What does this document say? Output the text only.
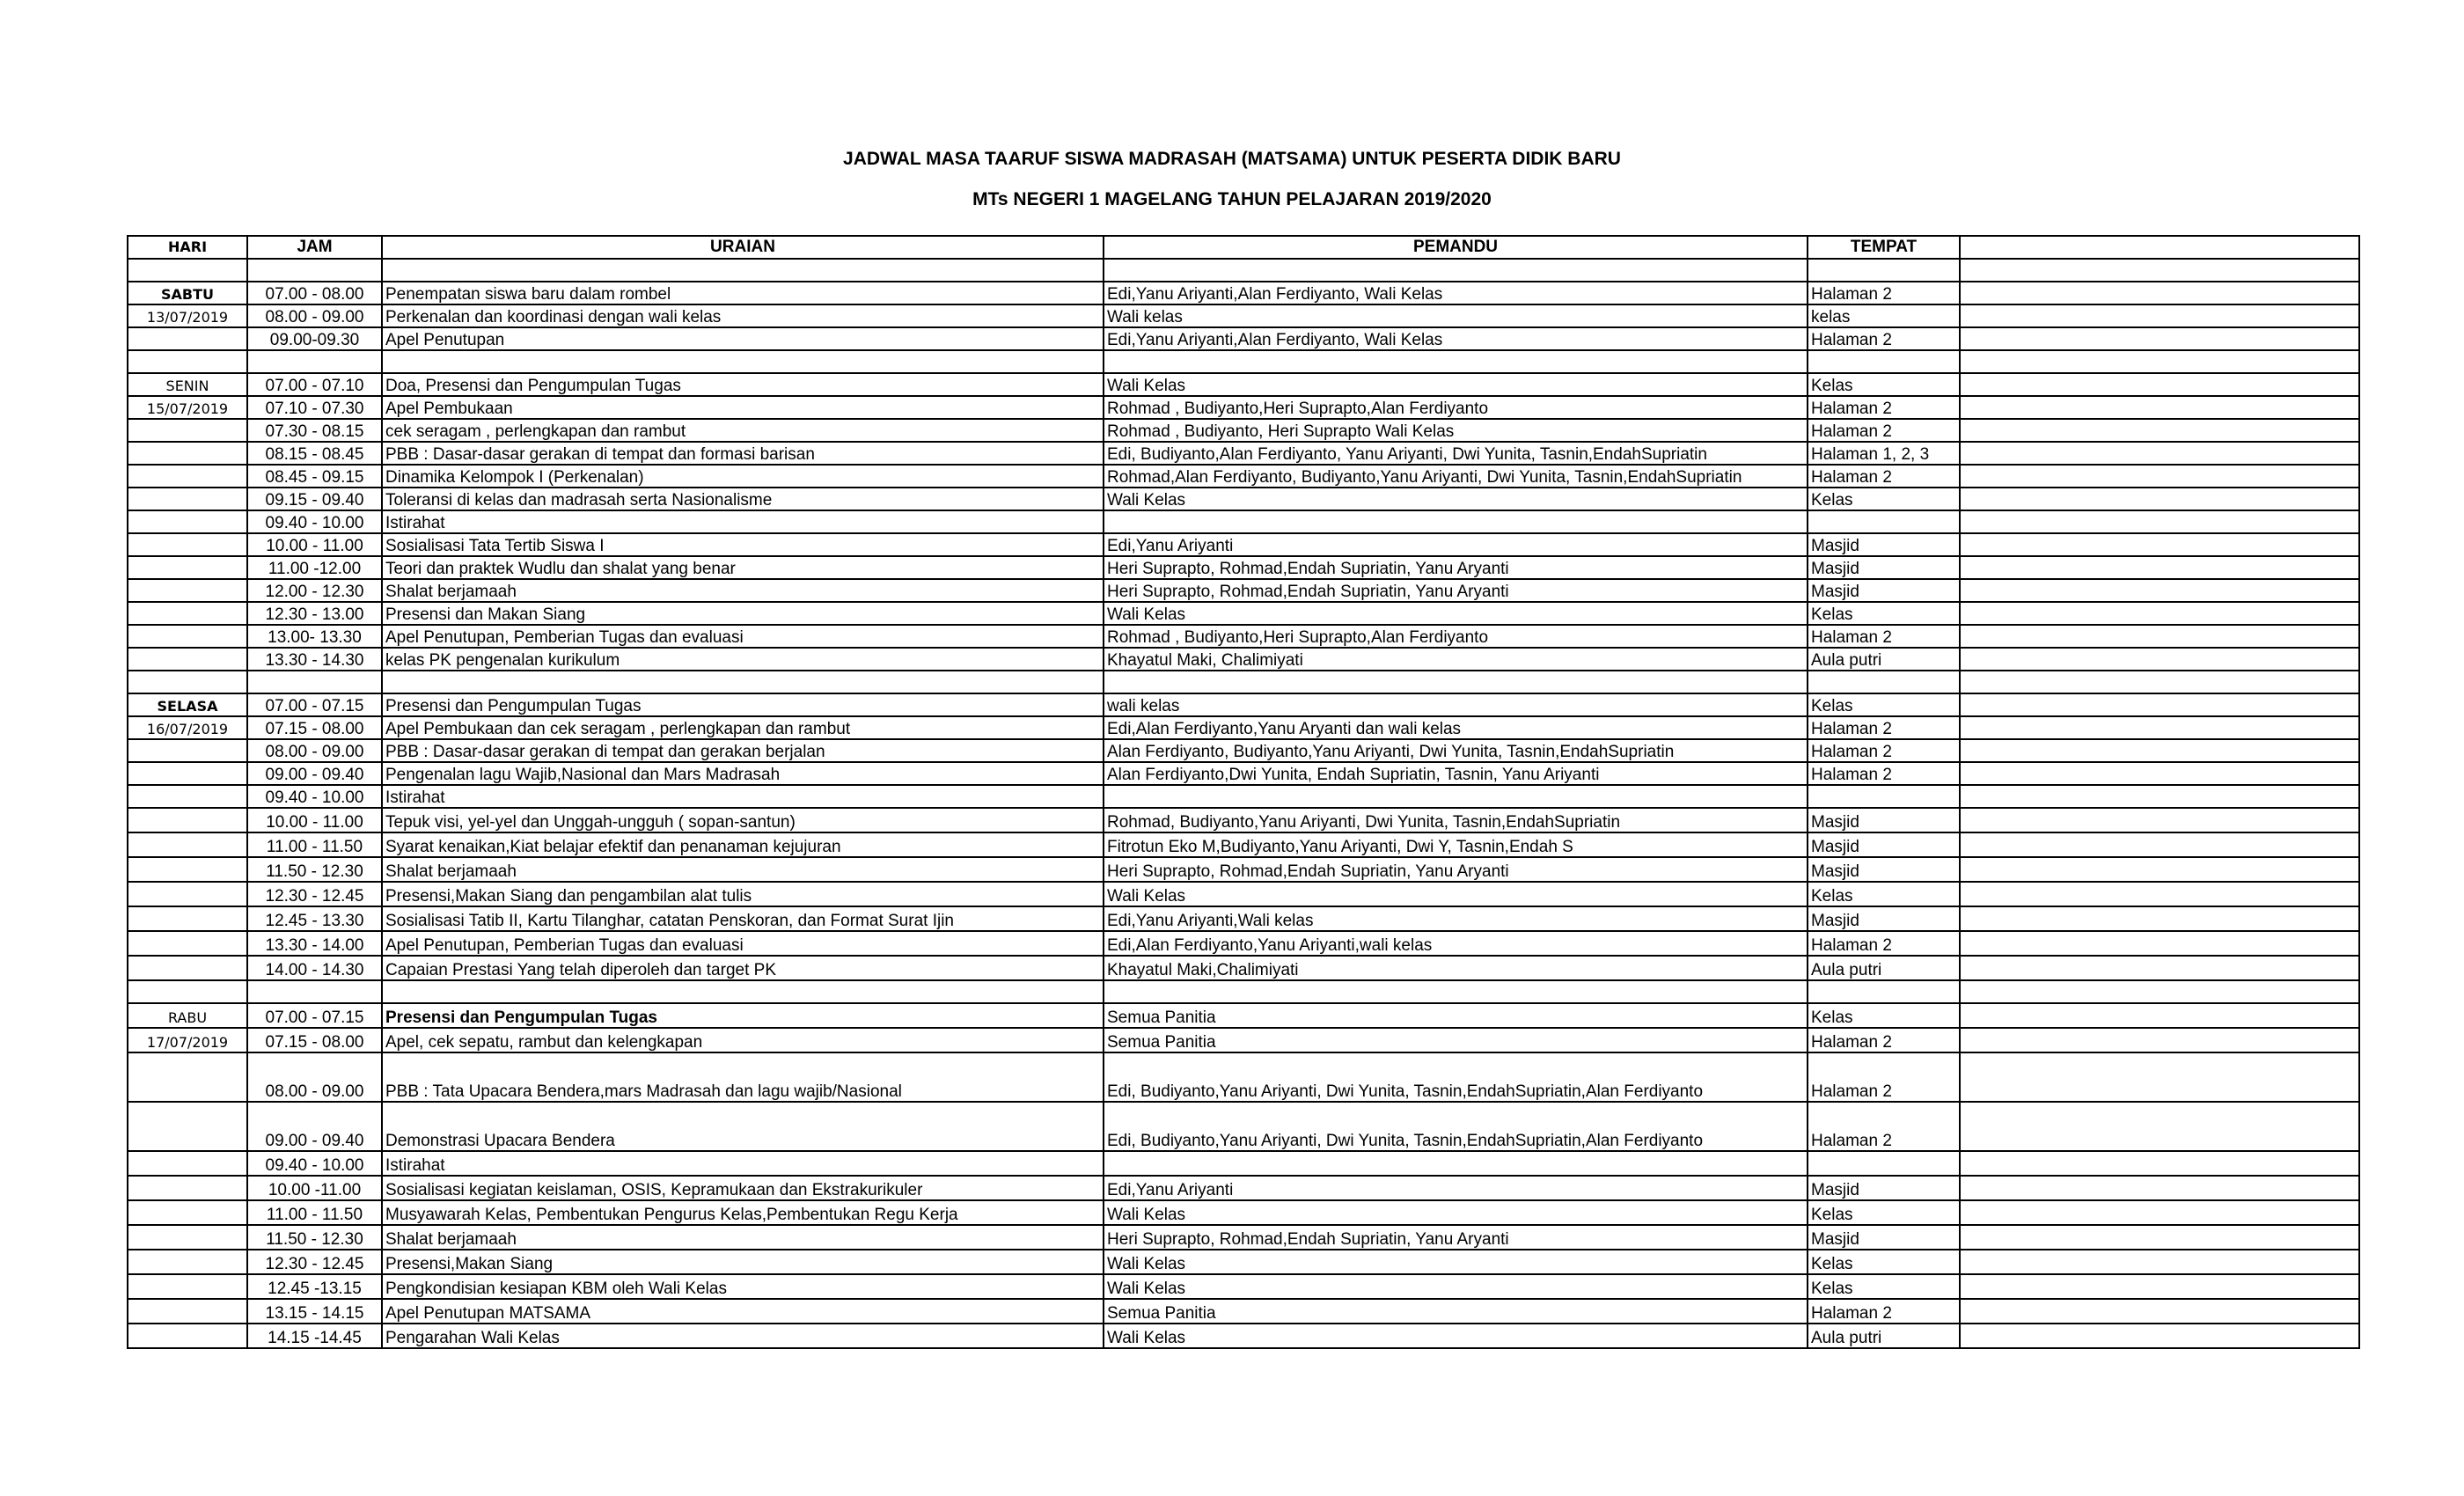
JADWAL MASA TAARUF SISWA MADRASAH (MATSAMA) UNTUK PESERTA DIDIK BARU
MTs NEGERI 1 MAGELANG TAHUN PELAJARAN 2019/2020
HARI	JAM	URAIAN	PEMANDU	TEMPAT	

SABTU	07.00 - 08.00	Penempatan siswa baru dalam rombel	Edi,Yanu Ariyanti,Alan Ferdiyanto, Wali Kelas	Halaman 2	
13/07/2019	08.00 - 09.00	Perkenalan dan koordinasi dengan wali kelas	Wali kelas	kelas	
	09.00-09.30	Apel Penutupan	Edi,Yanu Ariyanti,Alan Ferdiyanto, Wali Kelas	Halaman 2	

SENIN	07.00 - 07.10	Doa, Presensi dan Pengumpulan Tugas	Wali Kelas	Kelas	
15/07/2019	07.10 - 07.30	Apel Pembukaan	Rohmad , Budiyanto,Heri Suprapto,Alan Ferdiyanto	Halaman 2	
	07.30 - 08.15	cek seragam , perlengkapan dan rambut	Rohmad , Budiyanto, Heri Suprapto Wali Kelas	Halaman 2	
	08.15 - 08.45	PBB : Dasar-dasar gerakan di tempat dan formasi barisan	Edi, Budiyanto,Alan Ferdiyanto, Yanu Ariyanti, Dwi Yunita, Tasnin,EndahSupriatin	Halaman 1, 2, 3	
	08.45 - 09.15	Dinamika Kelompok I (Perkenalan)	Rohmad,Alan Ferdiyanto, Budiyanto,Yanu Ariyanti, Dwi Yunita, Tasnin,EndahSupriatin	Halaman 2	
	09.15 - 09.40	Toleransi di kelas dan madrasah serta Nasionalisme	Wali Kelas	Kelas	
	09.40 - 10.00	Istirahat			
	10.00 - 11.00	Sosialisasi Tata Tertib Siswa I	Edi,Yanu Ariyanti	Masjid	
	11.00 -12.00	Teori dan praktek Wudlu dan shalat yang benar	Heri Suprapto, Rohmad,Endah Supriatin, Yanu Aryanti	Masjid	
	12.00 - 12.30	Shalat berjamaah	Heri Suprapto, Rohmad,Endah Supriatin, Yanu Aryanti	Masjid	
	12.30 - 13.00	Presensi dan Makan Siang	Wali Kelas	Kelas	
	13.00- 13.30	Apel Penutupan, Pemberian Tugas dan evaluasi	Rohmad , Budiyanto,Heri Suprapto,Alan Ferdiyanto	Halaman 2	
	13.30 - 14.30	kelas PK pengenalan kurikulum	Khayatul Maki, Chalimiyati	Aula putri	

SELASA	07.00 - 07.15	Presensi dan Pengumpulan Tugas	wali kelas	Kelas	
16/07/2019	07.15 - 08.00	Apel Pembukaan dan cek seragam , perlengkapan dan rambut	Edi,Alan Ferdiyanto,Yanu Aryanti dan wali kelas	Halaman 2	
	08.00 - 09.00	PBB : Dasar-dasar gerakan di tempat dan gerakan berjalan	Alan Ferdiyanto, Budiyanto,Yanu Ariyanti, Dwi Yunita, Tasnin,EndahSupriatin	Halaman 2	
	09.00 - 09.40	Pengenalan lagu Wajib,Nasional dan Mars Madrasah	Alan Ferdiyanto,Dwi Yunita, Endah Supriatin, Tasnin, Yanu Ariyanti	Halaman 2	
	09.40 - 10.00	Istirahat			
	10.00 - 11.00	Tepuk visi, yel-yel dan Unggah-ungguh ( sopan-santun)	Rohmad, Budiyanto,Yanu Ariyanti, Dwi Yunita, Tasnin,EndahSupriatin	Masjid	
	11.00 - 11.50	Syarat kenaikan,Kiat belajar efektif dan penanaman kejujuran	Fitrotun Eko M,Budiyanto,Yanu Ariyanti, Dwi Y, Tasnin,Endah S	Masjid	
	11.50 - 12.30	Shalat berjamaah	Heri Suprapto, Rohmad,Endah Supriatin, Yanu Aryanti	Masjid	
	12.30 - 12.45	Presensi,Makan Siang dan pengambilan alat tulis	Wali Kelas	Kelas	
	12.45 - 13.30	Sosialisasi Tatib II, Kartu Tilanghar, catatan Penskoran, dan Format Surat Ijin	Edi,Yanu Ariyanti,Wali kelas	Masjid	
	13.30 - 14.00	Apel Penutupan, Pemberian Tugas dan evaluasi	Edi,Alan Ferdiyanto,Yanu Ariyanti,wali kelas	Halaman 2	
	14.00 - 14.30	Capaian Prestasi Yang telah diperoleh dan target PK	Khayatul Maki,Chalimiyati	Aula putri	

RABU	07.00 - 07.15	Presensi dan Pengumpulan Tugas	Semua Panitia	Kelas	
17/07/2019	07.15 - 08.00	Apel, cek sepatu, rambut dan kelengkapan	Semua Panitia	Halaman 2	
	08.00 - 09.00	PBB : Tata Upacara Bendera,mars Madrasah dan lagu wajib/Nasional	Edi, Budiyanto,Yanu Ariyanti, Dwi Yunita, Tasnin,EndahSupriatin,Alan Ferdiyanto	Halaman 2	
	09.00 - 09.40	Demonstrasi Upacara Bendera	Edi, Budiyanto,Yanu Ariyanti, Dwi Yunita, Tasnin,EndahSupriatin,Alan Ferdiyanto	Halaman 2	
	09.40 - 10.00	Istirahat			
	10.00 -11.00	Sosialisasi kegiatan keislaman, OSIS, Kepramukaan dan Ekstrakurikuler	Edi,Yanu Ariyanti	Masjid	
	11.00 - 11.50	Musyawarah Kelas, Pembentukan Pengurus Kelas,Pembentukan Regu Kerja	Wali Kelas	Kelas	
	11.50 - 12.30	Shalat berjamaah	Heri Suprapto, Rohmad,Endah Supriatin, Yanu Aryanti	Masjid	
	12.30 - 12.45	Presensi,Makan Siang	Wali Kelas	Kelas	
	12.45 -13.15	Pengkondisian kesiapan KBM oleh Wali Kelas	Wali Kelas	Kelas	
	13.15 - 14.15	Apel Penutupan MATSAMA	Semua Panitia	Halaman 2	
	14.15 -14.45	Pengarahan Wali Kelas	Wali Kelas	Aula putri	
